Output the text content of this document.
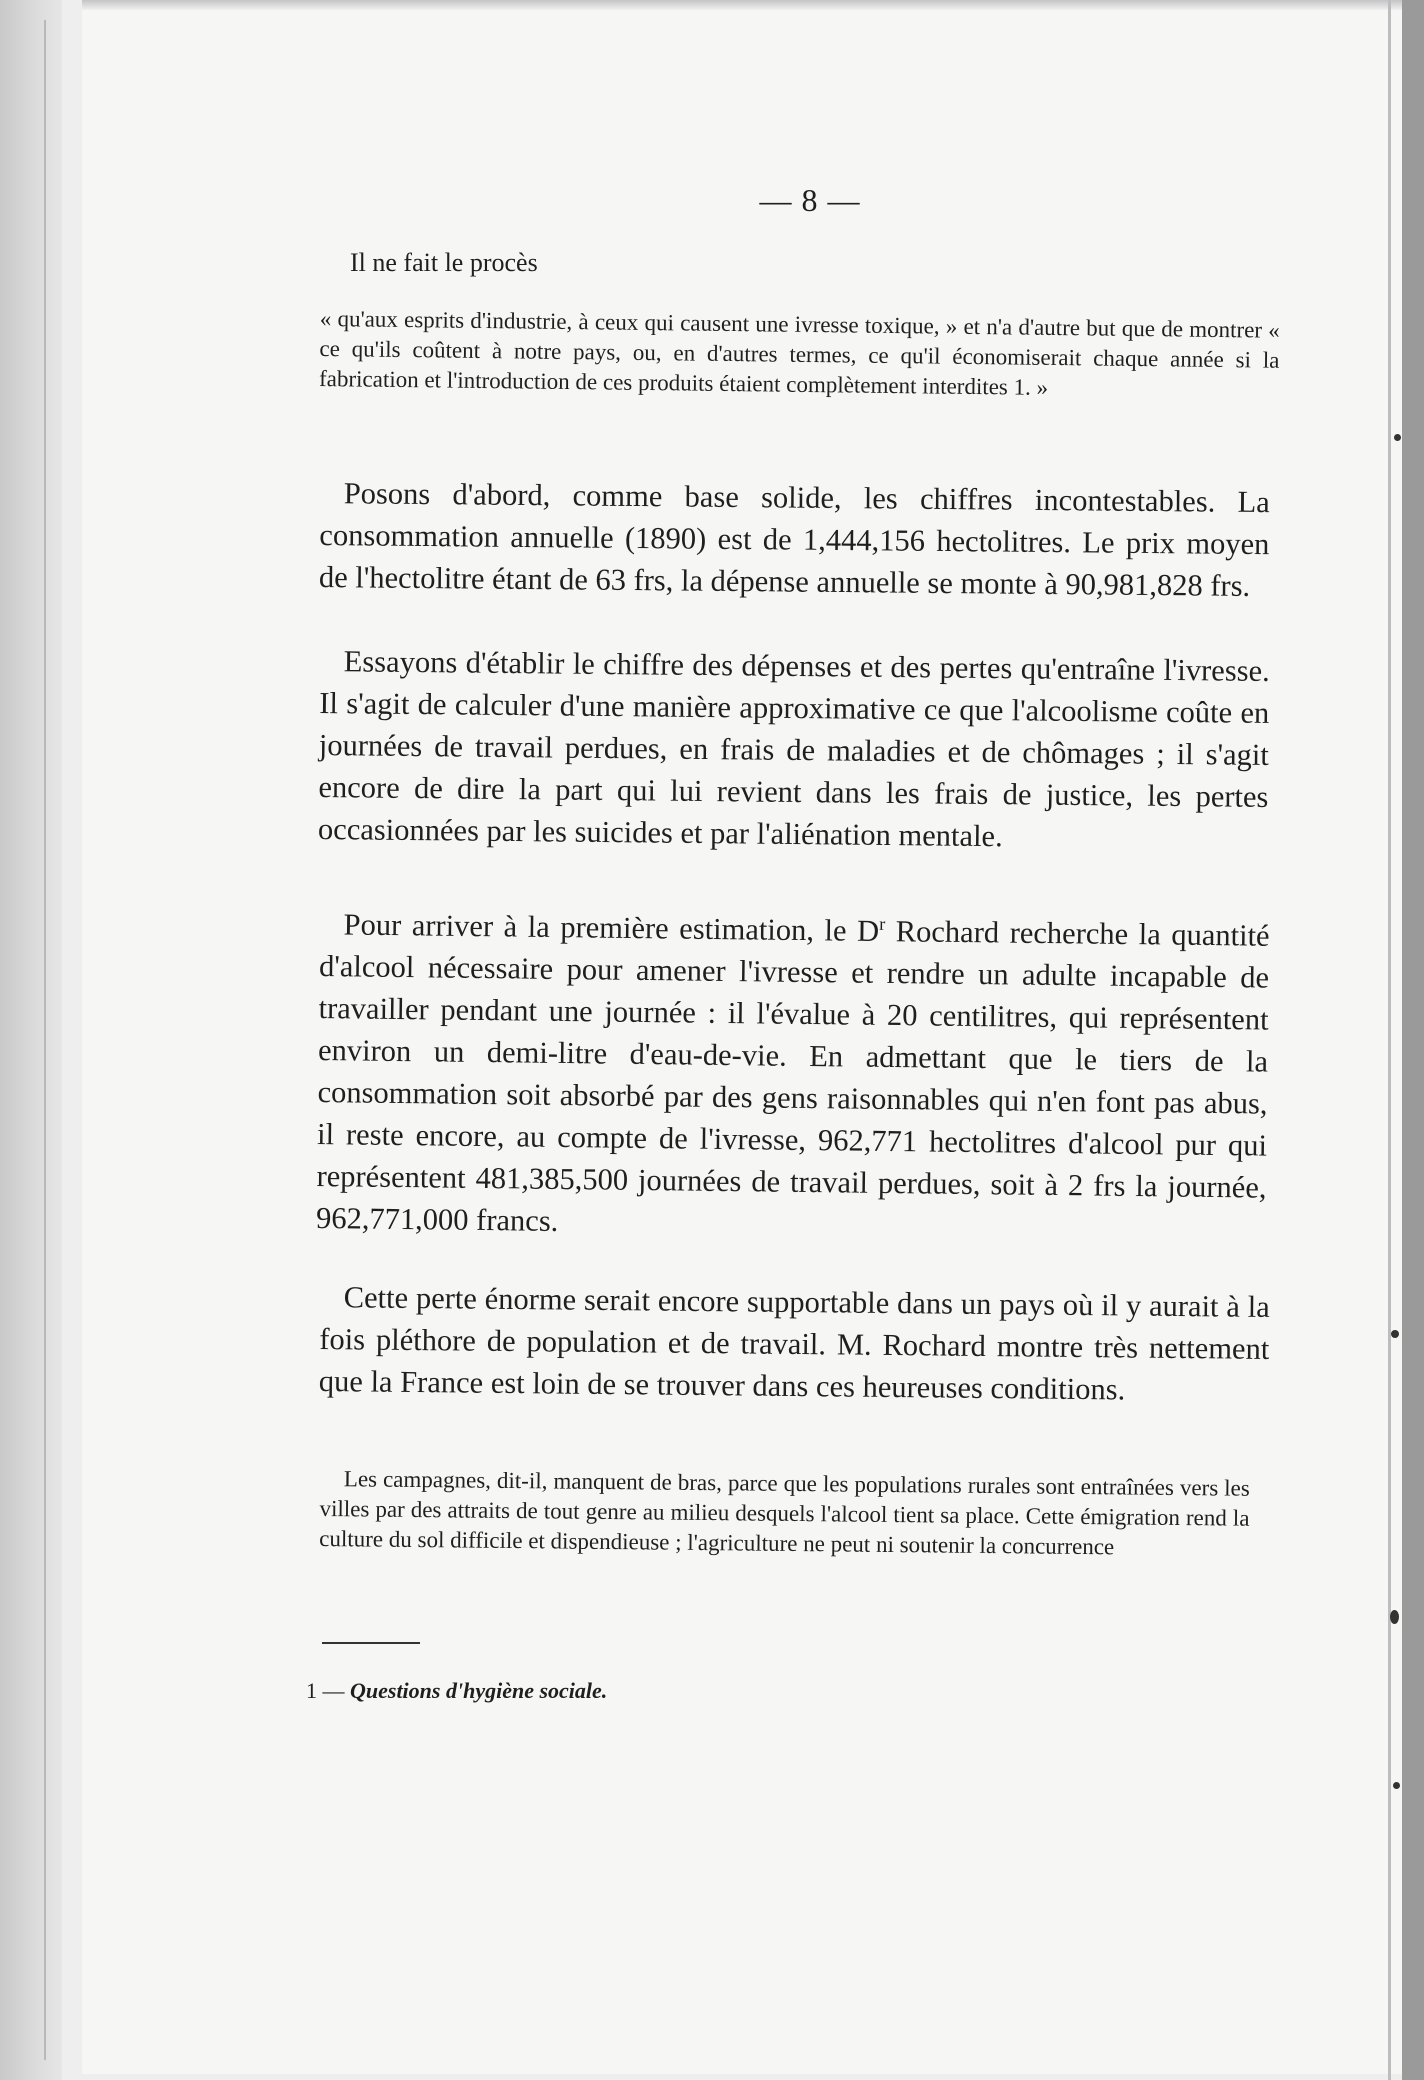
— 8 —
Il ne fait le procès
« qu'aux esprits d'industrie, à ceux qui causent une ivresse toxique, » et n'a d'autre but que de montrer « ce qu'ils coûtent à notre pays, ou, en d'autres termes, ce qu'il économiserait chaque année si la fabrication et l'introduction de ces produits étaient complètement interdites 1. »

Posons d'abord, comme base solide, les chiffres incontestables. La consommation annuelle (1890) est de 1,444,156 hectolitres. Le prix moyen de l'hectolitre étant de 63 frs, la dépense annuelle se monte à 90,981,828 frs.

Essayons d'établir le chiffre des dépenses et des pertes qu'entraîne l'ivresse. Il s'agit de calculer d'une manière approximative ce que l'alcoolisme coûte en journées de travail perdues, en frais de maladies et de chômages ; il s'agit encore de dire la part qui lui revient dans les frais de justice, les pertes occasionnées par les suicides et par l'aliénation mentale.

Pour arriver à la première estimation, le $D^r$ Rochard recherche la quantité d'alcool nécessaire pour amener l'ivresse et rendre un adulte incapable de travailler pendant une journée : il l'évalue à 20 centilitres, qui représentent environ un demi-litre d'eau-de-vie. En admettant que le tiers de la consommation soit absorbé par des gens raisonnables qui n'en font pas abus, il reste encore, au compte de l'ivresse, 962,771 hectolitres d'alcool pur qui représentent 481,385,500 journées de travail perdues, soit à 2 frs la journée, 962,771,000 francs.

Cette perte énorme serait encore supportable dans un pays où il y aurait à la fois pléthore de population et de travail. M. Rochard montre très nettement que la France est loin de se trouver dans ces heureuses conditions.

Les campagnes, dit-il, manquent de bras, parce que les populations rurales sont entraînées vers les villes par des attraits de tout genre au milieu desquels l'alcool tient sa place. Cette émigration rend la culture du sol difficile et dispendieuse ; l'agriculture ne peut ni soutenir la concurrence
1 — Questions d'hygiène sociale.
